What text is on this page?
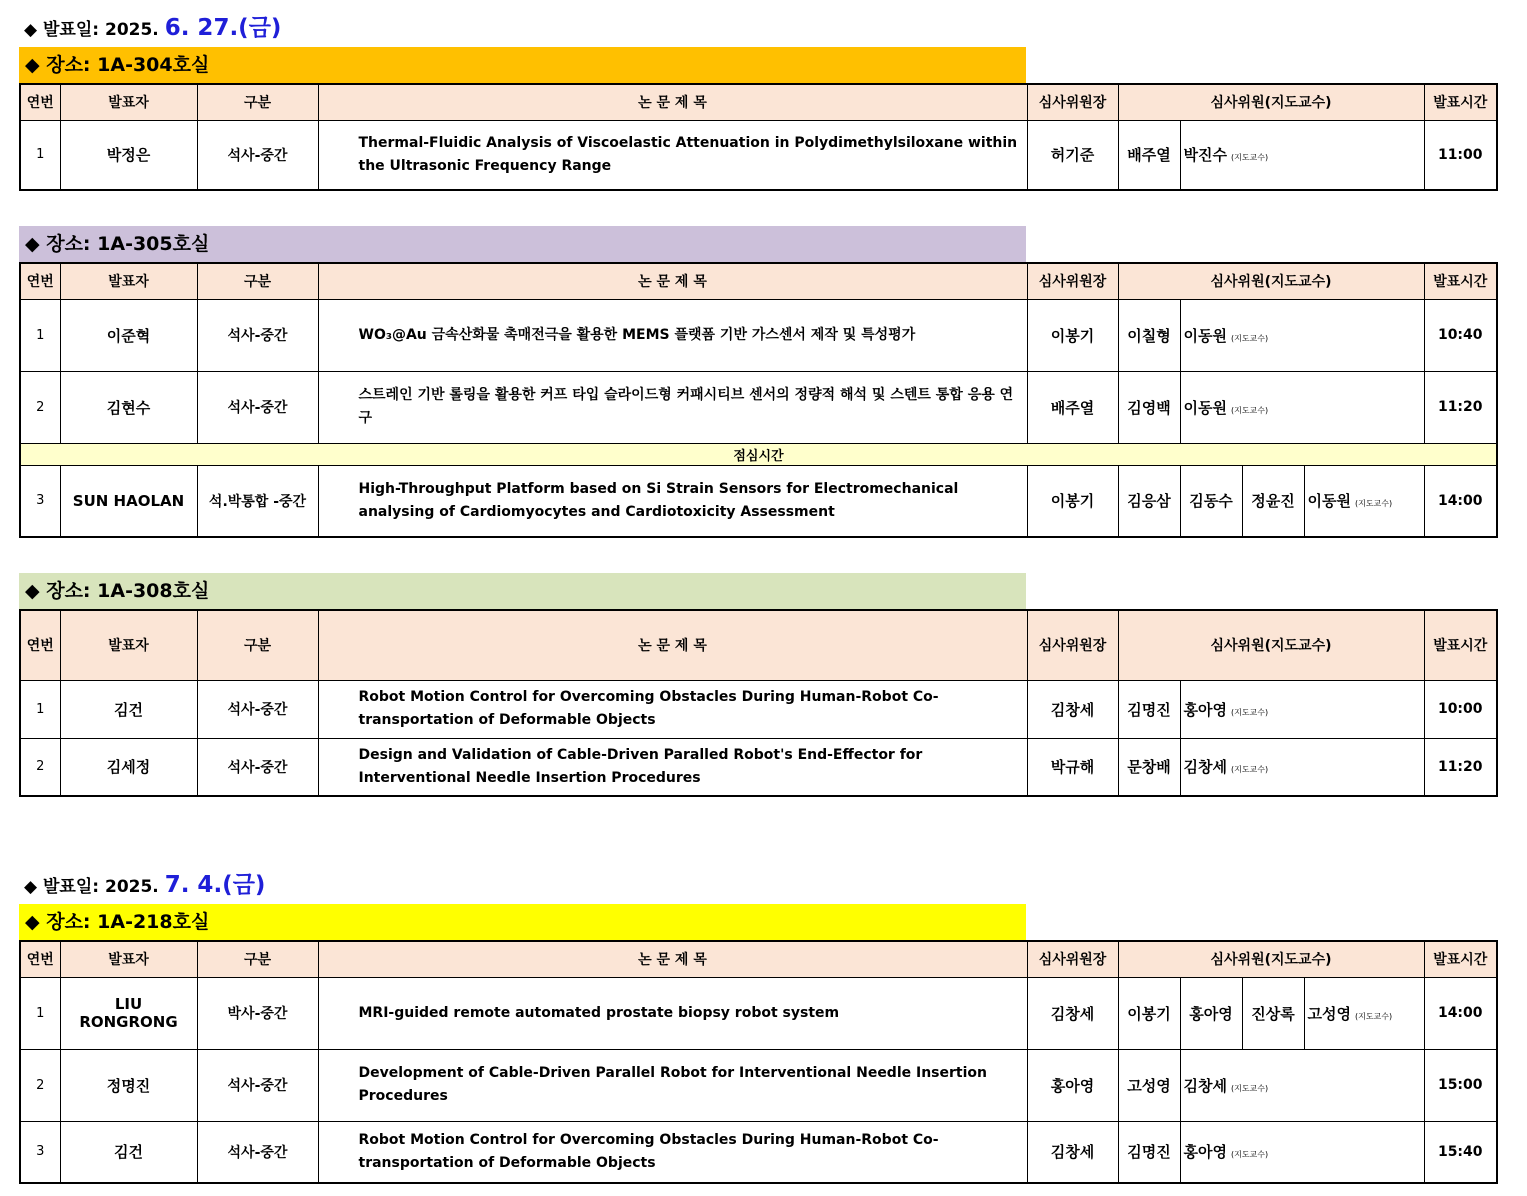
◆ 발표일: 2025. 6. 27.(금)
◆ 장소: 1A-304호실
연번	발표자	구분	논 문 제 목	심사위원장	심사위원(지도교수)		발표시간
1	박정은	석사-중간	Thermal-Fluidic Analysis of Viscoelastic Attenuation in Polydimethylsiloxane within the Ultrasonic Frequency Range	허기준	배주열	박진수 (지도교수)	11:00
◆ 장소: 1A-305호실
연번	발표자	구분	논 문 제 목	심사위원장	심사위원(지도교수)				발표시간
1	이준혁	석사-중간	WO₃@Au 금속산화물 촉매전극을 활용한 MEMS 플랫폼 기반 가스센서 제작 및 특성평가	이봉기	이칠형	이동원 (지도교수)			10:40
2	김현수	석사-중간	스트레인 기반 롤링을 활용한 커프 타입 슬라이드형 커패시티브 센서의 정량적 해석 및 스텐트 통합 응용 연구	배주열	김영백	이동원 (지도교수)			11:20
점심시간									
3	SUN HAOLAN	석.박통합 -중간	High-Throughput Platform based on Si Strain Sensors for Electromechanical analysing of Cardiomyocytes and Cardiotoxicity Assessment	이봉기	김응삼	김동수	정윤진	이동원 (지도교수)	14:00
◆ 장소: 1A-308호실
연번	발표자	구분	논 문 제 목	심사위원장	심사위원(지도교수)		발표시간
1	김건	석사-중간	Robot Motion Control for Overcoming Obstacles During Human-Robot Co-transportation of Deformable Objects	김창세	김명진	홍아영 (지도교수)	10:00
2	김세정	석사-중간	Design and Validation of Cable-Driven Paralled Robot's End-Effector for Interventional Needle Insertion Procedures	박규해	문창배	김창세 (지도교수)	11:20
◆ 발표일: 2025. 7. 4.(금)
◆ 장소: 1A-218호실
연번	발표자	구분	논 문 제 목	심사위원장	심사위원(지도교수)				발표시간
1	LIU RONGRONG	박사-중간	MRI-guided remote automated prostate biopsy robot system	김창세	이봉기	홍아영	진상록	고성영 (지도교수)	14:00
2	정명진	석사-중간	Development of Cable-Driven Parallel Robot for Interventional Needle Insertion Procedures	홍아영	고성영	김창세 (지도교수)			15:00
3	김건	석사-중간	Robot Motion Control for Overcoming Obstacles During Human-Robot Co-transportation of Deformable Objects	김창세	김명진	홍아영 (지도교수)			15:40
